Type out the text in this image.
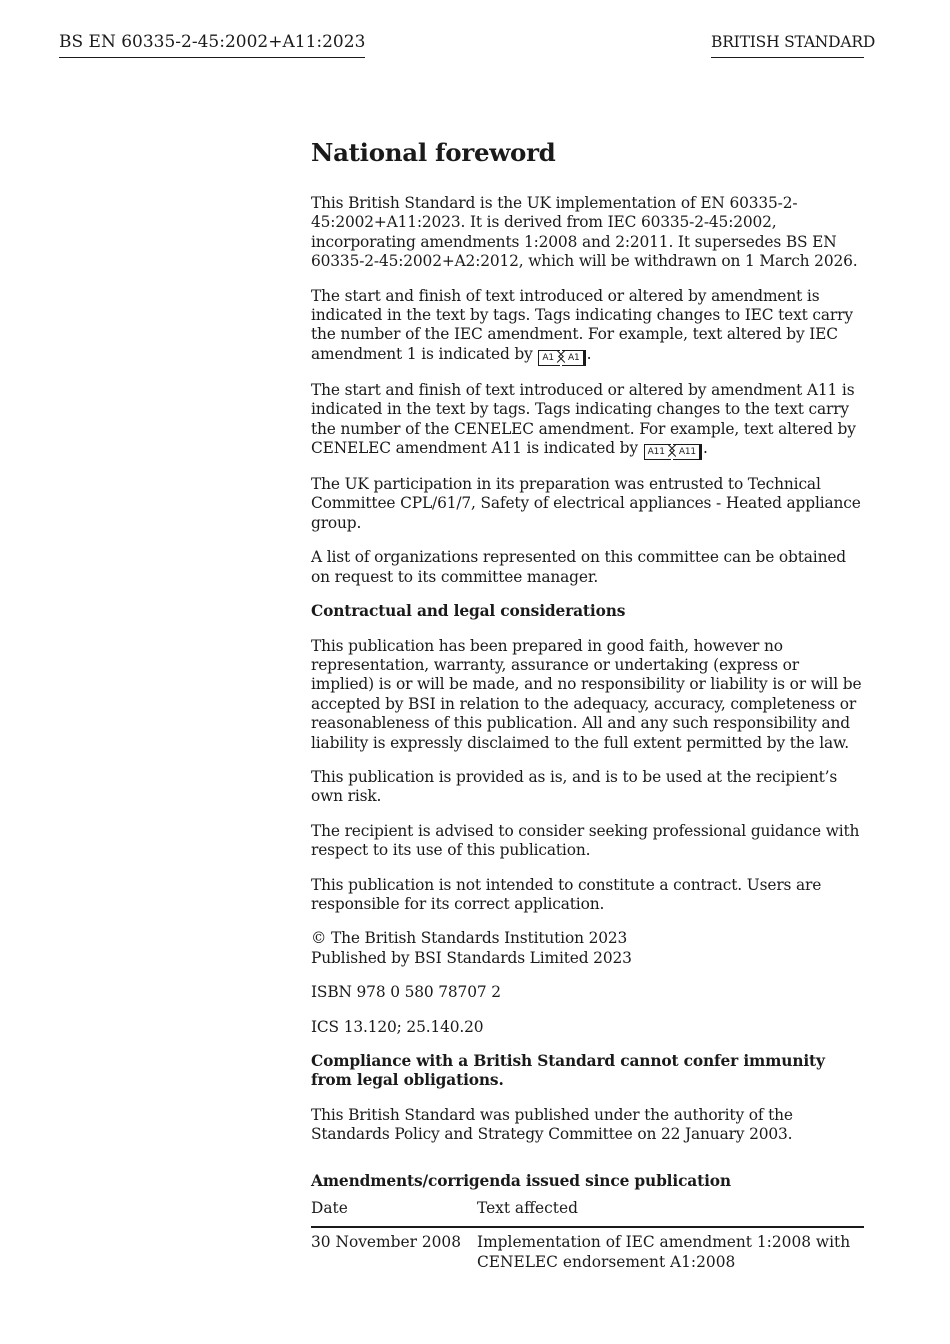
BS EN 60335-2-45:2002+A11:2023	BRITISH STANDARD
National foreword

This British Standard is the UK implementation of EN 60335-2-45:2002+A11:2023. It is derived from IEC 60335-2-45:2002, incorporating amendments 1:2008 and 2:2011. It supersedes BS EN 60335-2-45:2002+A2:2012, which will be withdrawn on 1 March 2026.

The start and finish of text introduced or altered by amendment is indicated in the text by tags. Tags indicating changes to IEC text carry the number of the IEC amendment. For example, text altered by IEC amendment 1 is indicated by A1 A1 .

The start and finish of text introduced or altered by amendment A11 is indicated in the text by tags. Tags indicating changes to the text carry the number of the CENELEC amendment. For example, text altered by CENELEC amendment A11 is indicated by A11 A11 .

The UK participation in its preparation was entrusted to Technical Committee CPL/61/7, Safety of electrical appliances - Heated appliance group.

A list of organizations represented on this committee can be obtained on request to its committee manager.

Contractual and legal considerations

This publication has been prepared in good faith, however no representation, warranty, assurance or undertaking (express or implied) is or will be made, and no responsibility or liability is or will be accepted by BSI in relation to the adequacy, accuracy, completeness or reasonableness of this publication. All and any such responsibility and liability is expressly disclaimed to the full extent permitted by the law.

This publication is provided as is, and is to be used at the recipient’s own risk.

The recipient is advised to consider seeking professional guidance with respect to its use of this publication.

This publication is not intended to constitute a contract. Users are responsible for its correct application.

© The British Standards Institution 2023
Published by BSI Standards Limited 2023

ISBN 978 0 580 78707 2

ICS 13.120; 25.140.20

Compliance with a British Standard cannot confer immunity from legal obligations.

This British Standard was published under the authority of the Standards Policy and Strategy Committee on 22 January 2003.

Amendments/corrigenda issued since publication

Date	Text affected
30 November 2008	Implementation of IEC amendment 1:2008 with CENELEC endorsement A1:2008
